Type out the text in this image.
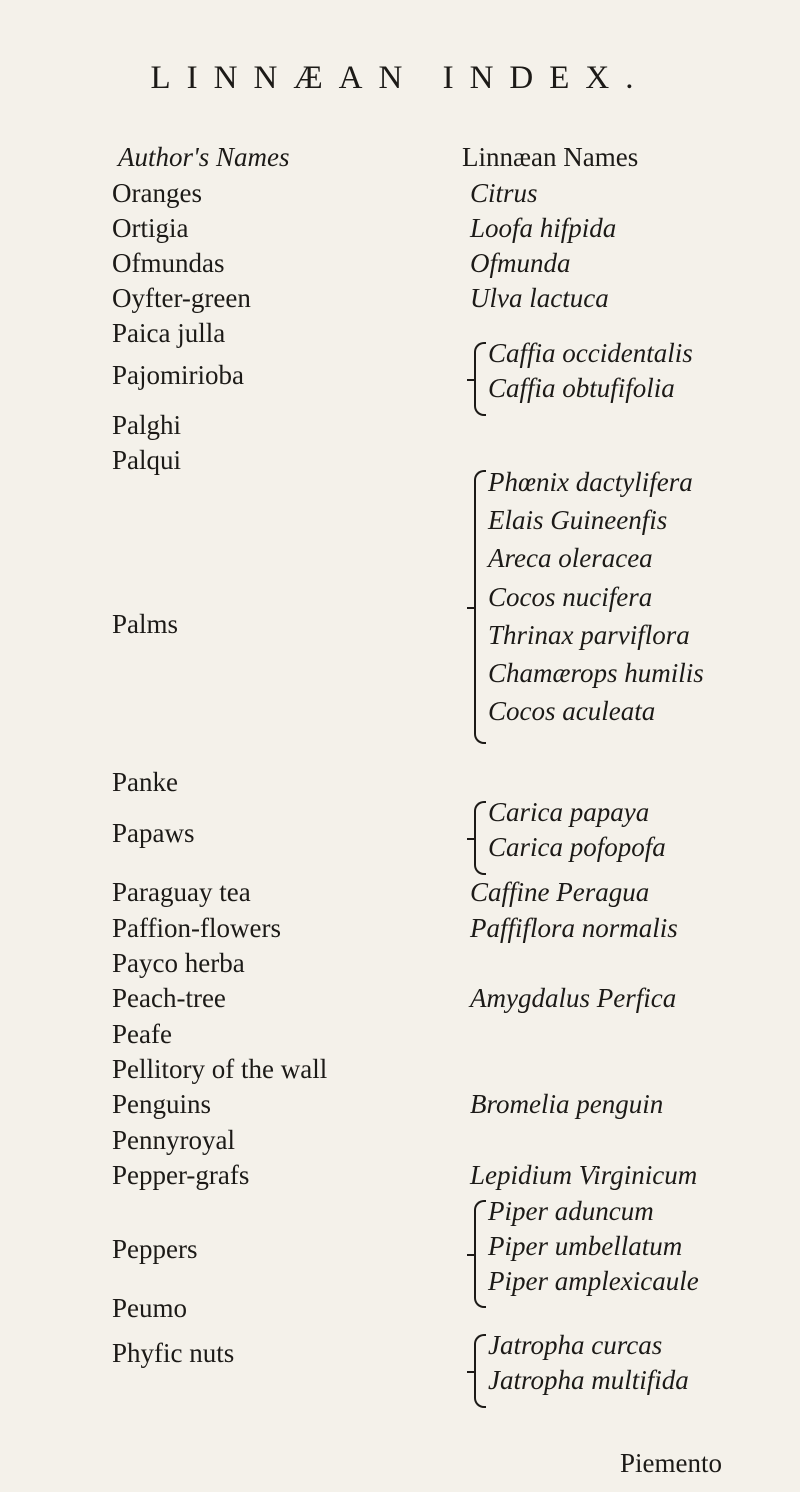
LINNÆAN INDEX.
Author's Names	Linnæan Names
Oranges
Ortigia
Ofmundas
Oyfter-green
Paica julla
Pajomirioba
Palghi
Palqui
Palms
Panke
Papaws
Paraguay tea
Paffion-flowers
Payco herba
Peach-tree
Peafe
Pellitory of the wall
Penguins
Pennyroyal
Pepper-grafs
Peppers
Peumo
Phyfic nuts
Citrus
Loofa hifpida
Ofmunda
Ulva lactuca
Caffia occidentalis
Caffia obtufifolia
Phœnix dactylifera
Elais Guineenfis
Areca oleracea
Cocos nucifera
Thrinax parviflora
Chamærops humilis
Cocos aculeata
Carica papaya
Carica pofopofa
Caffine Peragua
Paffiflora normalis
Amygdalus Perfica
Bromelia penguin
Lepidium Virginicum
Piper aduncum
Piper umbellatum
Piper amplexicaule
Jatropha curcas
Jatropha multifida
Piemento
